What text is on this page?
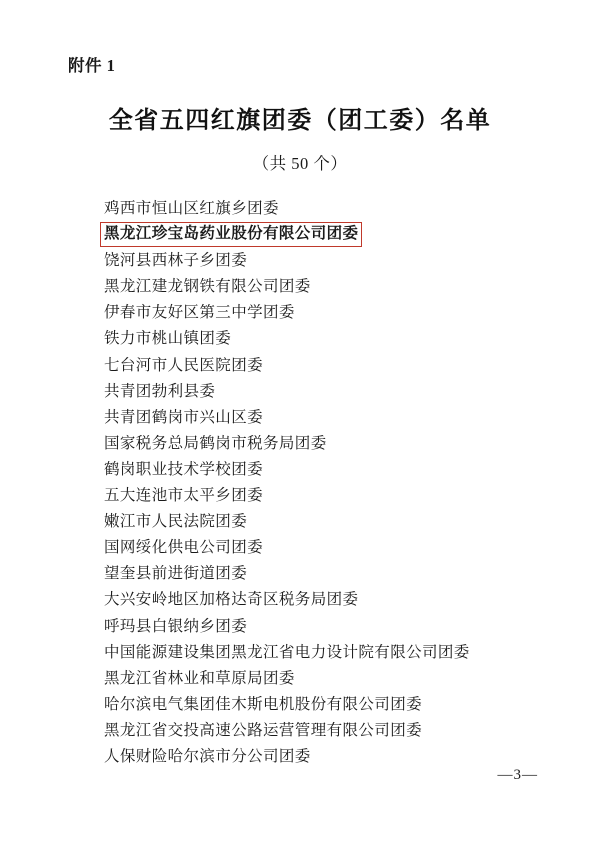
附件 1
全省五四红旗团委（团工委）名单
（共 50 个）
鸡西市恒山区红旗乡团委
黑龙江珍宝岛药业股份有限公司团委
饶河县西林子乡团委
黑龙江建龙钢铁有限公司团委
伊春市友好区第三中学团委
铁力市桃山镇团委
七台河市人民医院团委
共青团勃利县委
共青团鹤岗市兴山区委
国家税务总局鹤岗市税务局团委
鹤岗职业技术学校团委
五大连池市太平乡团委
嫩江市人民法院团委
国网绥化供电公司团委
望奎县前进街道团委
大兴安岭地区加格达奇区税务局团委
呼玛县白银纳乡团委
中国能源建设集团黑龙江省电力设计院有限公司团委
黑龙江省林业和草原局团委
哈尔滨电气集团佳木斯电机股份有限公司团委
黑龙江省交投高速公路运营管理有限公司团委
人保财险哈尔滨市分公司团委
—3—
